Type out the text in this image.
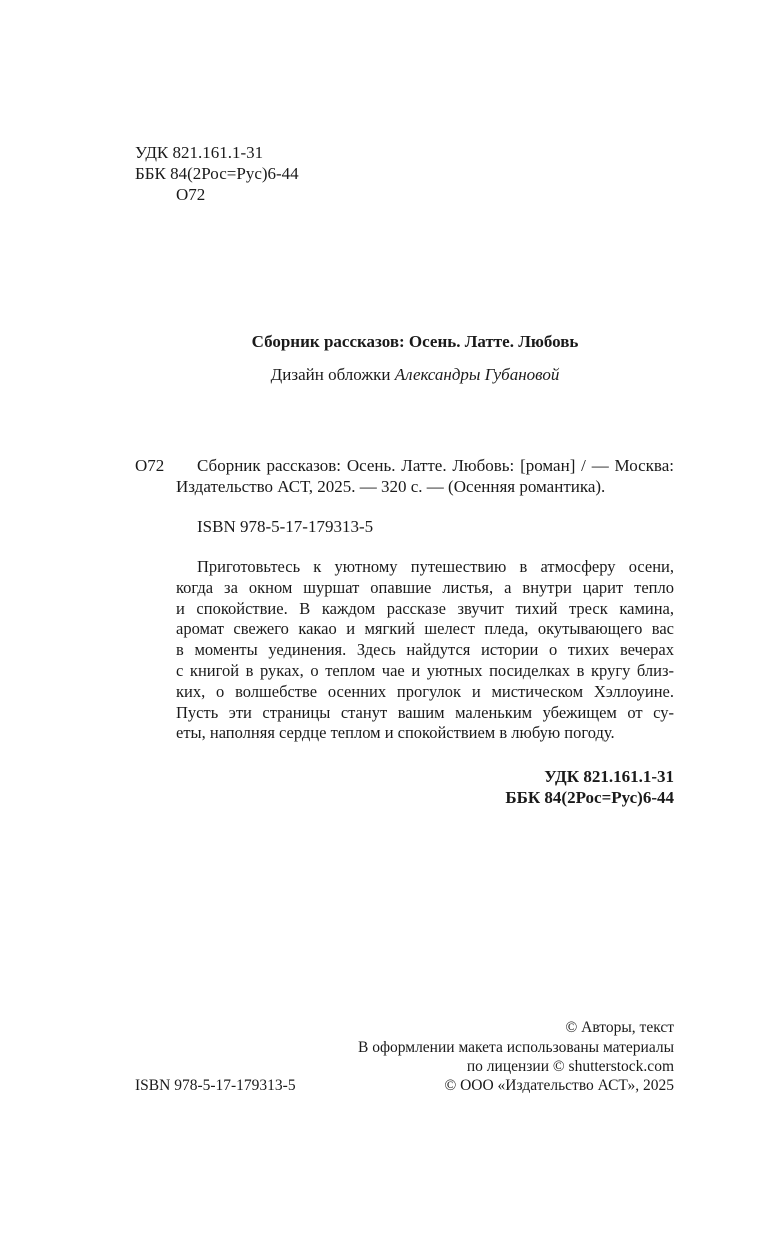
УДК 821.161.1-31
ББК 84(2Рос=Рус)6-44
О72
Сборник рассказов: Осень. Латте. Любовь
Дизайн обложки Александры Губановой
О72 Сборник рассказов: Осень. Латте. Любовь: [роман] / — Москва:
Издательство АСТ, 2025. — 320 с. — (Осенняя романтика).
ISBN 978-5-17-179313-5
Приготовьтесь к уютному путешествию в атмосферу осени,
когда за окном шуршат опавшие листья, а внутри царит тепло
и спокойствие. В каждом рассказе звучит тихий треск камина,
аромат свежего какао и мягкий шелест пледа, окутывающего вас
в моменты уединения. Здесь найдутся истории о тихих вечерах
с книгой в руках, о теплом чае и уютных посиделках в кругу близ-
ких, о волшебстве осенних прогулок и мистическом Хэллоуине.
Пусть эти страницы станут вашим маленьким убежищем от су-
еты, наполняя сердце теплом и спокойствием в любую погоду.
УДК 821.161.1-31
ББК 84(2Рос=Рус)6-44
© Авторы, текст
В оформлении макета использованы материалы
по лицензии © shutterstock.com
© ООО «Издательство АСТ», 2025
ISBN 978-5-17-179313-5
